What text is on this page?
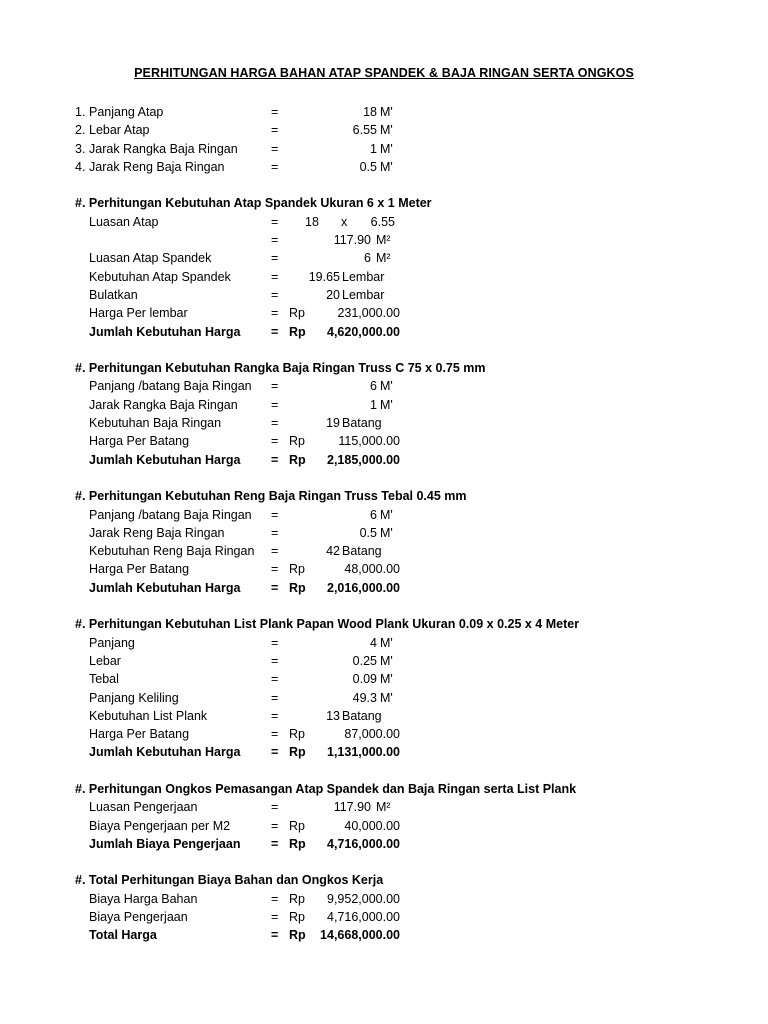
PERHITUNGAN HARGA BAHAN ATAP SPANDEK & BAJA RINGAN SERTA ONGKOS
1. Panjang Atap	=	18 M'
2. Lebar Atap	=	6.55 M'
3. Jarak Rangka Baja Ringan	=	1 M'
4. Jarak Reng Baja Ringan	=	0.5 M'
#. Perhitungan Kebutuhan Atap Spandek Ukuran 6 x 1 Meter
Luasan Atap	=	18	x	6.55
=	117.90 M²
Luasan Atap Spandek	=	6 M²
Kebutuhan Atap Spandek	=	19.65 Lembar
Bulatkan	=	20 Lembar
Harga Per lembar	= Rp	231,000.00
Jumlah Kebutuhan Harga = Rp	4,620,000.00
#. Perhitungan Kebutuhan Rangka Baja Ringan Truss C 75 x 0.75 mm
Panjang /batang Baja Ringan =	6 M'
Jarak Rangka Baja Ringan	=	1 M'
Kebutuhan Baja Ringan	=	19 Batang
Harga Per Batang	= Rp	115,000.00
Jumlah Kebutuhan Harga = Rp	2,185,000.00
#. Perhitungan Kebutuhan Reng Baja Ringan Truss Tebal 0.45 mm
Panjang /batang Baja Ringan =	6 M'
Jarak Reng Baja Ringan	=	0.5 M'
Kebutuhan Reng Baja Ringan =	42 Batang
Harga Per Batang	= Rp	48,000.00
Jumlah Kebutuhan Harga = Rp	2,016,000.00
#. Perhitungan Kebutuhan List Plank Papan Wood Plank Ukuran 0.09 x 0.25 x 4 Meter
Panjang	=	4 M'
Lebar	=	0.25 M'
Tebal	=	0.09 M'
Panjang Keliling	=	49.3 M'
Kebutuhan List Plank	=	13 Batang
Harga Per Batang	= Rp	87,000.00
Jumlah Kebutuhan Harga = Rp	1,131,000.00
#. Perhitungan Ongkos Pemasangan Atap Spandek dan Baja Ringan serta List Plank
Luasan Pengerjaan	=	117.90 M²
Biaya Pengerjaan per M2	= Rp	40,000.00
Jumlah Biaya Pengerjaan = Rp	4,716,000.00
#. Total Perhitungan Biaya Bahan dan Ongkos Kerja
Biaya Harga Bahan	= Rp	9,952,000.00
Biaya Pengerjaan	= Rp	4,716,000.00
Total Harga	= Rp	14,668,000.00
